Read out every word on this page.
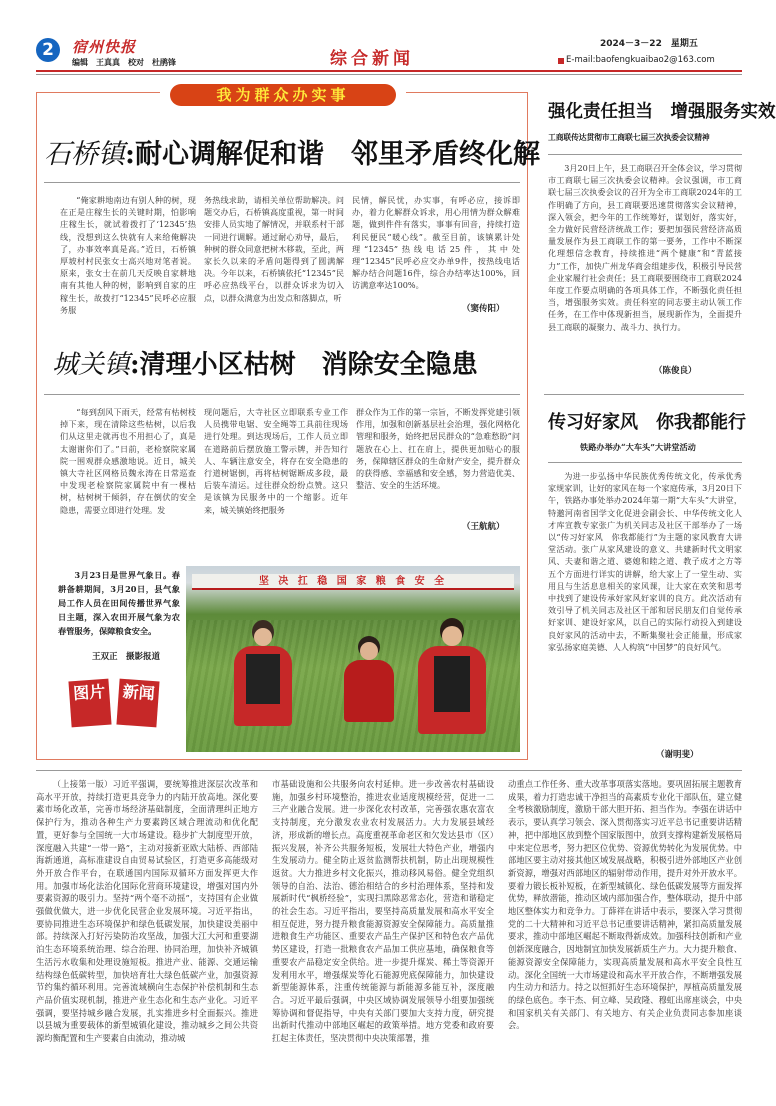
2	宿州快报
编辑　王真真　校对　杜鹃锋	综合新闻
2024－3－22　星期五
E-mail:baofengkuaibao2@163.com
我为群众办实事
石桥镇:耐心调解促和谐　邻里矛盾终化解

“俺家耕地南边有别人种的树，现在正是庄稼生长的关键时期，怕影响庄稼生长，就试着拨打了‘12345’热线，没想到这么快就有人来给俺解决了，办事效率真是高。”近日，石桥镇厚坡村村民张女士高兴地对笔者说。原来，张女士在前几天反映自家耕地南有其他人种的树，影响到自家的庄稼生长，故拨打“12345”民呼必应服务服

务热线求助，请相关单位帮助解决。问题交办后，石桥镇高度重视，第一时间安排人员实地了解情况，并联系村干部一同进行调解。通过耐心劝导，最后，种树的群众同意把树木移栽，至此，两家长久以来的矛盾问题得到了圆满解决。今年以来，石桥镇依托“12345”民呼必应热线平台，以群众诉求为切入点，以群众满意为出发点和落脚点，听

民情，解民忧，办实事，有呼必应，接诉即办，着力化解群众诉求，用心用情为群众解难题，做到件件有落实，事事有回音，持续打造利民便民“暖心线”。截至目前，该镇累计处理“12345”热线电话25件，其中处理“12345”民呼必应交办单9件，按热线电话解办结合问题16件，综合办结率达100%，回访满意率达100%。

（窦传阳）
城关镇:清理小区枯树　消除安全隐患

“每到刮风下雨天，经常有枯树枝掉下来，现在清除这些枯树，以后我们从这里走就再也不用担心了，真是太谢谢你们了。”日前，老检察院家属院一围观群众感激地说。近日，城关镇大寺社区网格员魏永涛在日常巡查中发现老检察院家属院中有一棵枯树，枯树树干倾斜，存在倒伏的安全隐患，需要立即进行处理。发

现问题后，大寺社区立即联系专业工作人员携带电锯、安全绳等工具前往现场进行处理。到达现场后，工作人员立即在道路前后摆放施工警示牌，并告知行人、车辆注意安全，将存在安全隐患的行道树锯倒，再将枯树锯断成多段，最后装车清运。过往群众纷纷点赞。这只是该镇为民服务中的一个缩影。近年来，城关镇始终把服务

群众作为工作的第一宗旨，不断发挥党建引领作用，加强和创新基层社会治理，强化网格化管理和服务，始终把居民群众的“急难愁盼”问题放在心上、扛在肩上，提供更加贴心的服务，保障辖区群众的生命财产安全，提升群众的获得感、幸福感和安全感，努力营造优美、整洁、安全的生活环境。

（王航航）
3月23日是世界气象日。春耕备耕期间，3月20日，县气象局工作人员在田间传播世界气象日主题，深入农田开展气象为农春管服务，保障粮食安全。
王双正　摄影报道
图片	新闻
坚 决 扛 稳 国 家 粮 食 安 全
强化责任担当　增强服务实效
工商联传达贯彻市工商联七届三次执委会议精神

3月20日上午，县工商联召开全体会议，学习贯彻市工商联七届三次执委会议精神。会议强调，市工商联七届三次执委会议的召开为全市工商联2024年的工作明确了方向，县工商联要迅速贯彻落实会议精神，深入领会，把今年的工作统筹好，谋划好，落实好，全力做好民营经济统战工作；要把加强民营经济高质量发展作为县工商联工作的第一要务，工作中不断深化理想信念教育，持续推进“两个健康”和“青蓝接力”工作，加快广州龙华商会组建步伐，积极引导民营企业家履行社会责任；县工商联要围绕市工商联2024年度工作要点明确的各项具体工作，不断强化责任担当，增强服务实效。责任科室的同志要主动认领工作任务，在工作中体现新担当，展现新作为，全面提升县工商联的凝聚力、战斗力、执行力。

（陈俊良）
传习好家风　你我都能行
铁路办举办“大车头”大讲堂活动

为进一步弘扬中华民族优秀传统文化，传承优秀家规家训，让好的家风在每一个家庭传承，3月20日下午，铁路办事处举办2024年第一期“大车头”大讲堂，特邀河南省国学文化促进会副会长、中华传统文化人才库宣教专家张广为机关同志及社区干部举办了一场以“传习好家风　你我都能行”为主题的家风教育大讲堂活动。张广从家风建设的意义、共建新时代文明家风、夫妻和谐之道、婆媳和睦之道、教子成才之方等五个方面进行详实的讲解，给大家上了一堂生动、实用且与生活息息相关的家风课，让大家在欢笑和思考中找到了建设传承好家风好家训的良方。此次活动有效引导了机关同志及社区干部和居民朋友们自觉传承好家训、建设好家风，以自己的实际行动投入到建设良好家风的活动中去，不断集聚社会正能量，形成家家弘扬家庭美德、人人构筑“中国梦”的良好风气。

（谢明斐）

（上接第一版）习近平强调，要统筹推进深层次改革和高水平开放，持续打造更具竞争力的内陆开放高地。深化要素市场化改革，完善市场经济基础制度，全面清理纠正地方保护行为，推动各种生产力要素跨区域合理流动和优化配置，更好参与全国统一大市场建设。稳步扩大制度型开放，深度融入共建“一带一路”，主动对接新亚欧大陆桥、西部陆海新通道，高标准建设自由贸易试验区，打造更多高能级对外开放合作平台，在联通国内国际双循环方面发挥更大作用。加强市场化法治化国际化营商环境建设，增强对国内外要素资源的吸引力。坚持“两个毫不动摇”，支持国有企业做强做优做大，进一步优化民营企业发展环境。习近平指出，要协同推进生态环境保护和绿色低碳发展，加快建设美丽中部。持续深入打好污染防治攻坚战，加强大江大河和重要湖泊生态环境系统治理、综合治理、协同治理，加快补齐城镇生活污水收集和处理设施短板。推进产业、能源、交通运输结构绿色低碳转型，加快培育壮大绿色低碳产业，加强资源节约集约循环利用。完善流域横向生态保护补偿机制和生态产品价值实现机制，推进产业生态化和生态产业化。习近平强调，要坚持城乡融合发展，扎实推进乡村全面振兴。推进以县城为重要载体的新型城镇化建设，推动城乡之间公共资源均衡配置和生产要素自由流动，推动城

市基础设施和公共服务向农村延伸。进一步改善农村基础设施，加强乡村环境整治，推进农业适度规模经营，促进一二三产业融合发展。进一步深化农村改革，完善强农惠农富农支持制度，充分激发农业农村发展活力。大力发展县域经济，形成新的增长点。高度重视革命老区和欠发达县市（区）振兴发展，补齐公共服务短板，发展壮大特色产业，增强内生发展动力。健全防止返贫监测帮扶机制，防止出现规模性返贫。大力推进乡村文化振兴，推动移风易俗。健全党组织领导的自治、法治、德治相结合的乡村治理体系，坚持和发展新时代“枫桥经验”，实现扫黑除恶常态化，营造和谐稳定的社会生态。习近平指出，要坚持高质量发展和高水平安全相互促进，努力提升粮食能源资源安全保障能力。高质量推进粮食生产功能区、重要农产品生产保护区和特色农产品优势区建设，打造一批粮食农产品加工供应基地，确保粮食等重要农产品稳定安全供给。进一步提升煤炭、稀土等资源开发利用水平，增强煤炭等化石能源兜底保障能力，加快建设新型能源体系，注重传统能源与新能源多能互补，深度融合。习近平最后强调，中央区域协调发展领导小组要加强统筹协调和督促指导，中央有关部门要加大支持力度，研究提出新时代推动中部地区崛起的政策举措。地方党委和政府要扛起主体责任，坚决贯彻中央决策部署，推

动重点工作任务、重大改革事项落实落地。要巩固拓展主题教育成果，着力打造忠诚干净担当的高素质专业化干部队伍，建立健全考核激励制度，激励干部大胆开拓、担当作为。李强在讲话中表示，要认真学习领会、深入贯彻落实习近平总书记重要讲话精神，把中部地区放到整个国家版图中，放到支撑构建新发展格局中来定位思考，努力把区位优势、资源优势转化为发展优势。中部地区要主动对接其他区域发展战略，积极引进外部地区产业创新资源，增强对西部地区的辐射带动作用，提升对外开放水平。要着力锻长板补短板，在新型城镇化、绿色低碳发展等方面发挥优势，释放潜能，推动区域内部加强合作，整体联动，提升中部地区整体实力和竞争力。丁薛祥在讲话中表示，要深入学习贯彻党的二十大精神和习近平总书记重要讲话精神，紧扣高质量发展要求，推动中部地区崛起不断取得新成效。加强科技创新和产业创新深度融合，因地制宜加快发展新质生产力。大力提升粮食、能源资源安全保障能力，实现高质量发展和高水平安全良性互动。深化全国统一大市场建设和高水平开放合作，不断增强发展内生动力和活力。持之以恒抓好生态环境保护，厚植高质量发展的绿色底色。李干杰、何立峰、吴政隆、穆虹出席座谈会，中央和国家机关有关部门、有关地方、有关企业负责同志参加座谈会。
